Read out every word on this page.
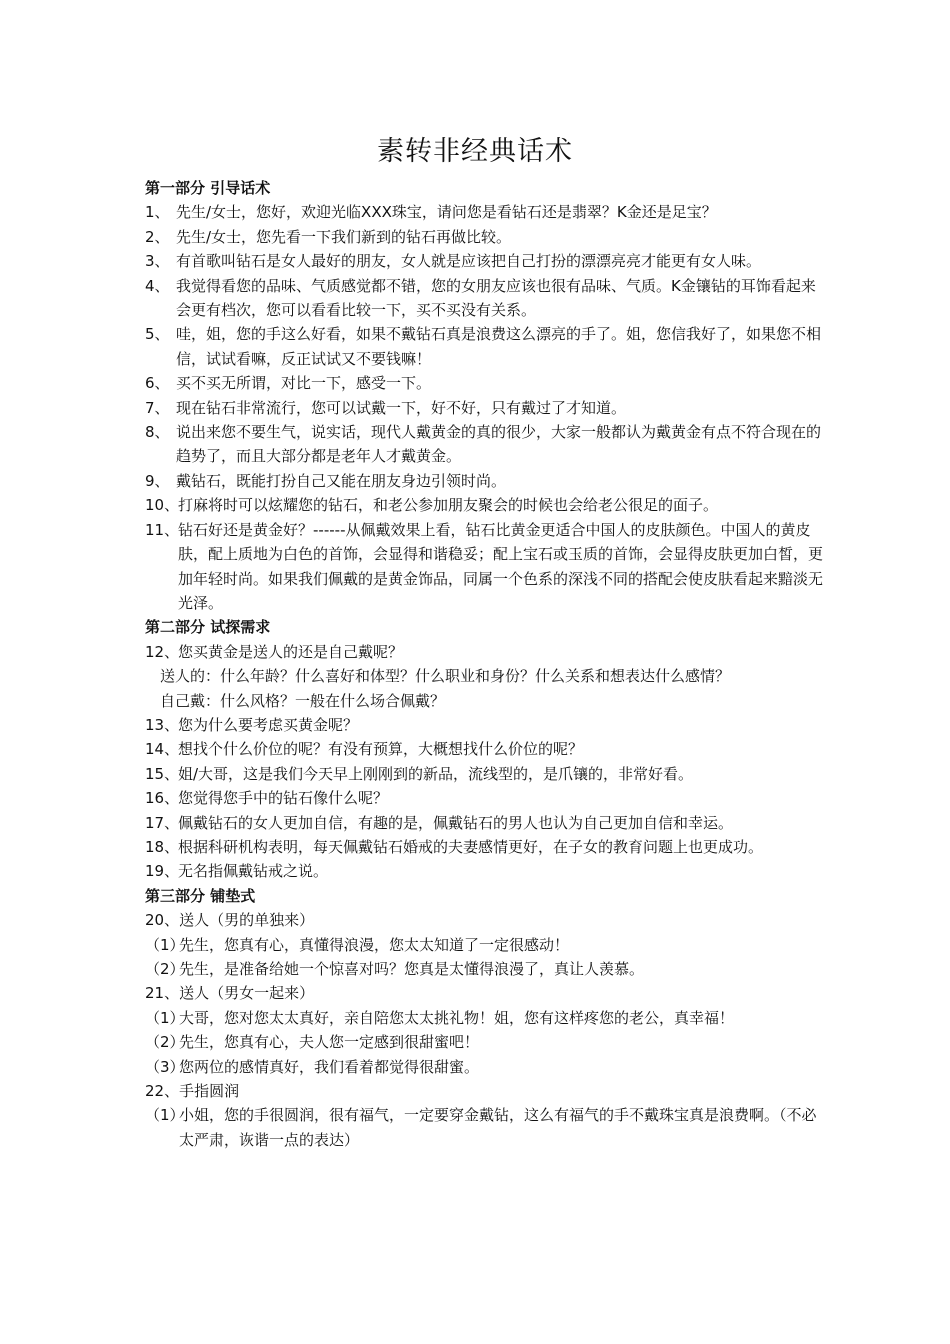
素转非经典话术

第一部分 引导话术

1、 先生/女士，您好，欢迎光临XXX珠宝，请问您是看钻石还是翡翠？K金还是足宝？

2、 先生/女士，您先看一下我们新到的钻石再做比较。

3、 有首歌叫钻石是女人最好的朋友，女人就是应该把自己打扮的漂漂亮亮才能更有女人味。

4、 我觉得看您的品味、气质感觉都不错，您的女朋友应该也很有品味、气质。K金镶钻的耳饰看起来会更有档次，您可以看看比较一下，买不买没有关系。

5、 哇，姐，您的手这么好看，如果不戴钻石真是浪费这么漂亮的手了。姐，您信我好了，如果您不相信，试试看嘛，反正试试又不要钱嘛！

6、 买不买无所谓，对比一下，感受一下。

7、 现在钻石非常流行，您可以试戴一下，好不好，只有戴过了才知道。

8、 说出来您不要生气，说实话，现代人戴黄金的真的很少，大家一般都认为戴黄金有点不符合现在的趋势了，而且大部分都是老年人才戴黄金。

9、 戴钻石，既能打扮自己又能在朋友身边引领时尚。

10、
打麻将时可以炫耀您的钻石，和老公参加朋友聚会的时候也会给老公很足的面子。

11、
钻石好还是黄金好？------从佩戴效果上看，钻石比黄金更适合中国人的皮肤颜色。中国人的黄皮肤，配上质地为白色的首饰，会显得和谐稳妥；配上宝石或玉质的首饰，会显得皮肤更加白皙，更加年轻时尚。如果我们佩戴的是黄金饰品，同属一个色系的深浅不同的搭配会使皮肤看起来黯淡无光泽。

第二部分 试探需求

12、
您买黄金是送人的还是自己戴呢？

送人的：什么年龄？什么喜好和体型？什么职业和身份？什么关系和想表达什么感情？

自己戴：什么风格？一般在什么场合佩戴？

13、
您为什么要考虑买黄金呢？

14、
想找个什么价位的呢？有没有预算，大概想找什么价位的呢？

15、
姐/大哥，这是我们今天早上刚刚到的新品，流线型的，是爪镶的，非常好看。

16、
您觉得您手中的钻石像什么呢？

17、
佩戴钻石的女人更加自信，有趣的是，佩戴钻石的男人也认为自己更加自信和幸运。

18、
根据科研机构表明，每天佩戴钻石婚戒的夫妻感情更好，在子女的教育问题上也更成功。

19、
无名指佩戴钻戒之说。

第三部分 铺垫式

20、送人（男的单独来）

（1）
先生，您真有心，真懂得浪漫，您太太知道了一定很感动！

（2）
先生，是准备给她一个惊喜对吗？您真是太懂得浪漫了，真让人羡慕。

21、送人（男女一起来）

（1）
大哥，您对您太太真好，亲自陪您太太挑礼物！姐，您有这样疼您的老公，真幸福！

（2）
先生，您真有心，夫人您一定感到很甜蜜吧！

（3）
您两位的感情真好，我们看着都觉得很甜蜜。

22、手指圆润

（1）
小姐，您的手很圆润，很有福气，一定要穿金戴钻，这么有福气的手不戴珠宝真是浪费啊。（不必太严肃，诙谐一点的表达）
